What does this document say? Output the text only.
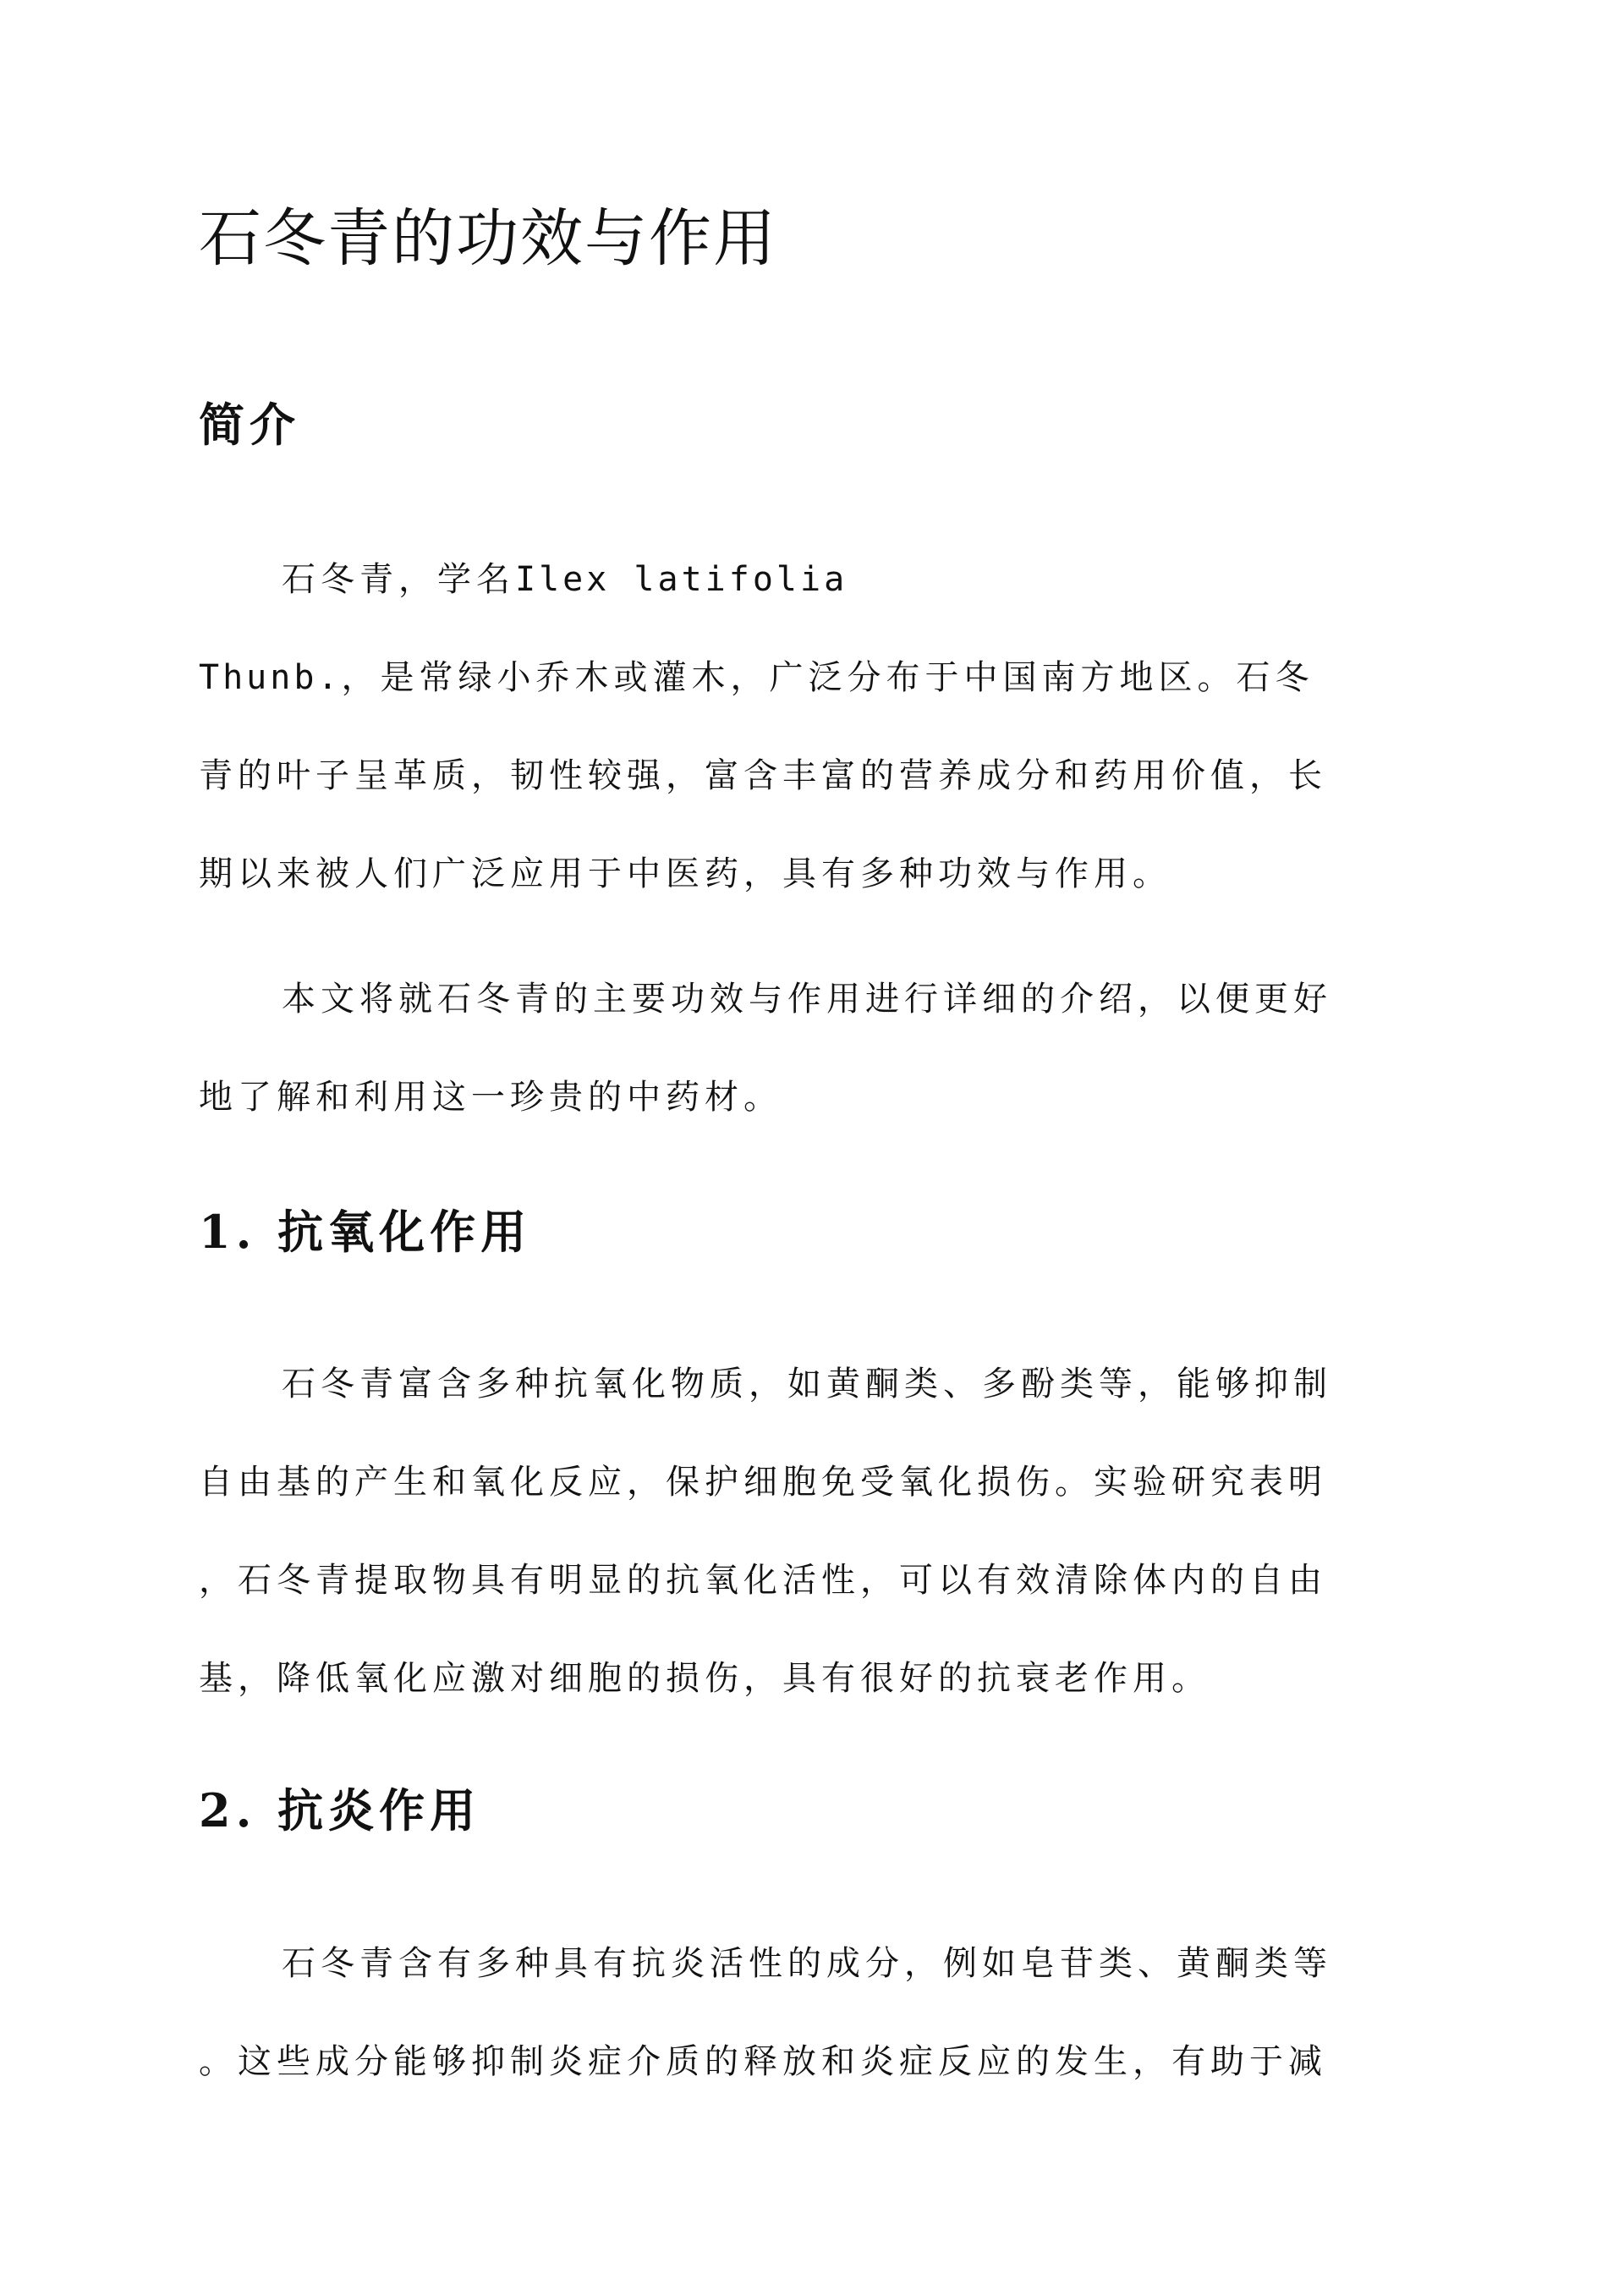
石冬青的功效与作用
简介
石冬青，学名Ilex latifolia
Thunb.，是常绿小乔木或灌木，广泛分布于中国南方地区。石冬
青的叶子呈革质，韧性较强，富含丰富的营养成分和药用价值，长
期以来被人们广泛应用于中医药，具有多种功效与作用。
本文将就石冬青的主要功效与作用进行详细的介绍，以便更好
地了解和利用这一珍贵的中药材。
1. 抗氧化作用
石冬青富含多种抗氧化物质，如黄酮类、多酚类等，能够抑制
自由基的产生和氧化反应，保护细胞免受氧化损伤。实验研究表明
，石冬青提取物具有明显的抗氧化活性，可以有效清除体内的自由
基，降低氧化应激对细胞的损伤，具有很好的抗衰老作用。
2. 抗炎作用
石冬青含有多种具有抗炎活性的成分，例如皂苷类、黄酮类等
。这些成分能够抑制炎症介质的释放和炎症反应的发生，有助于减
